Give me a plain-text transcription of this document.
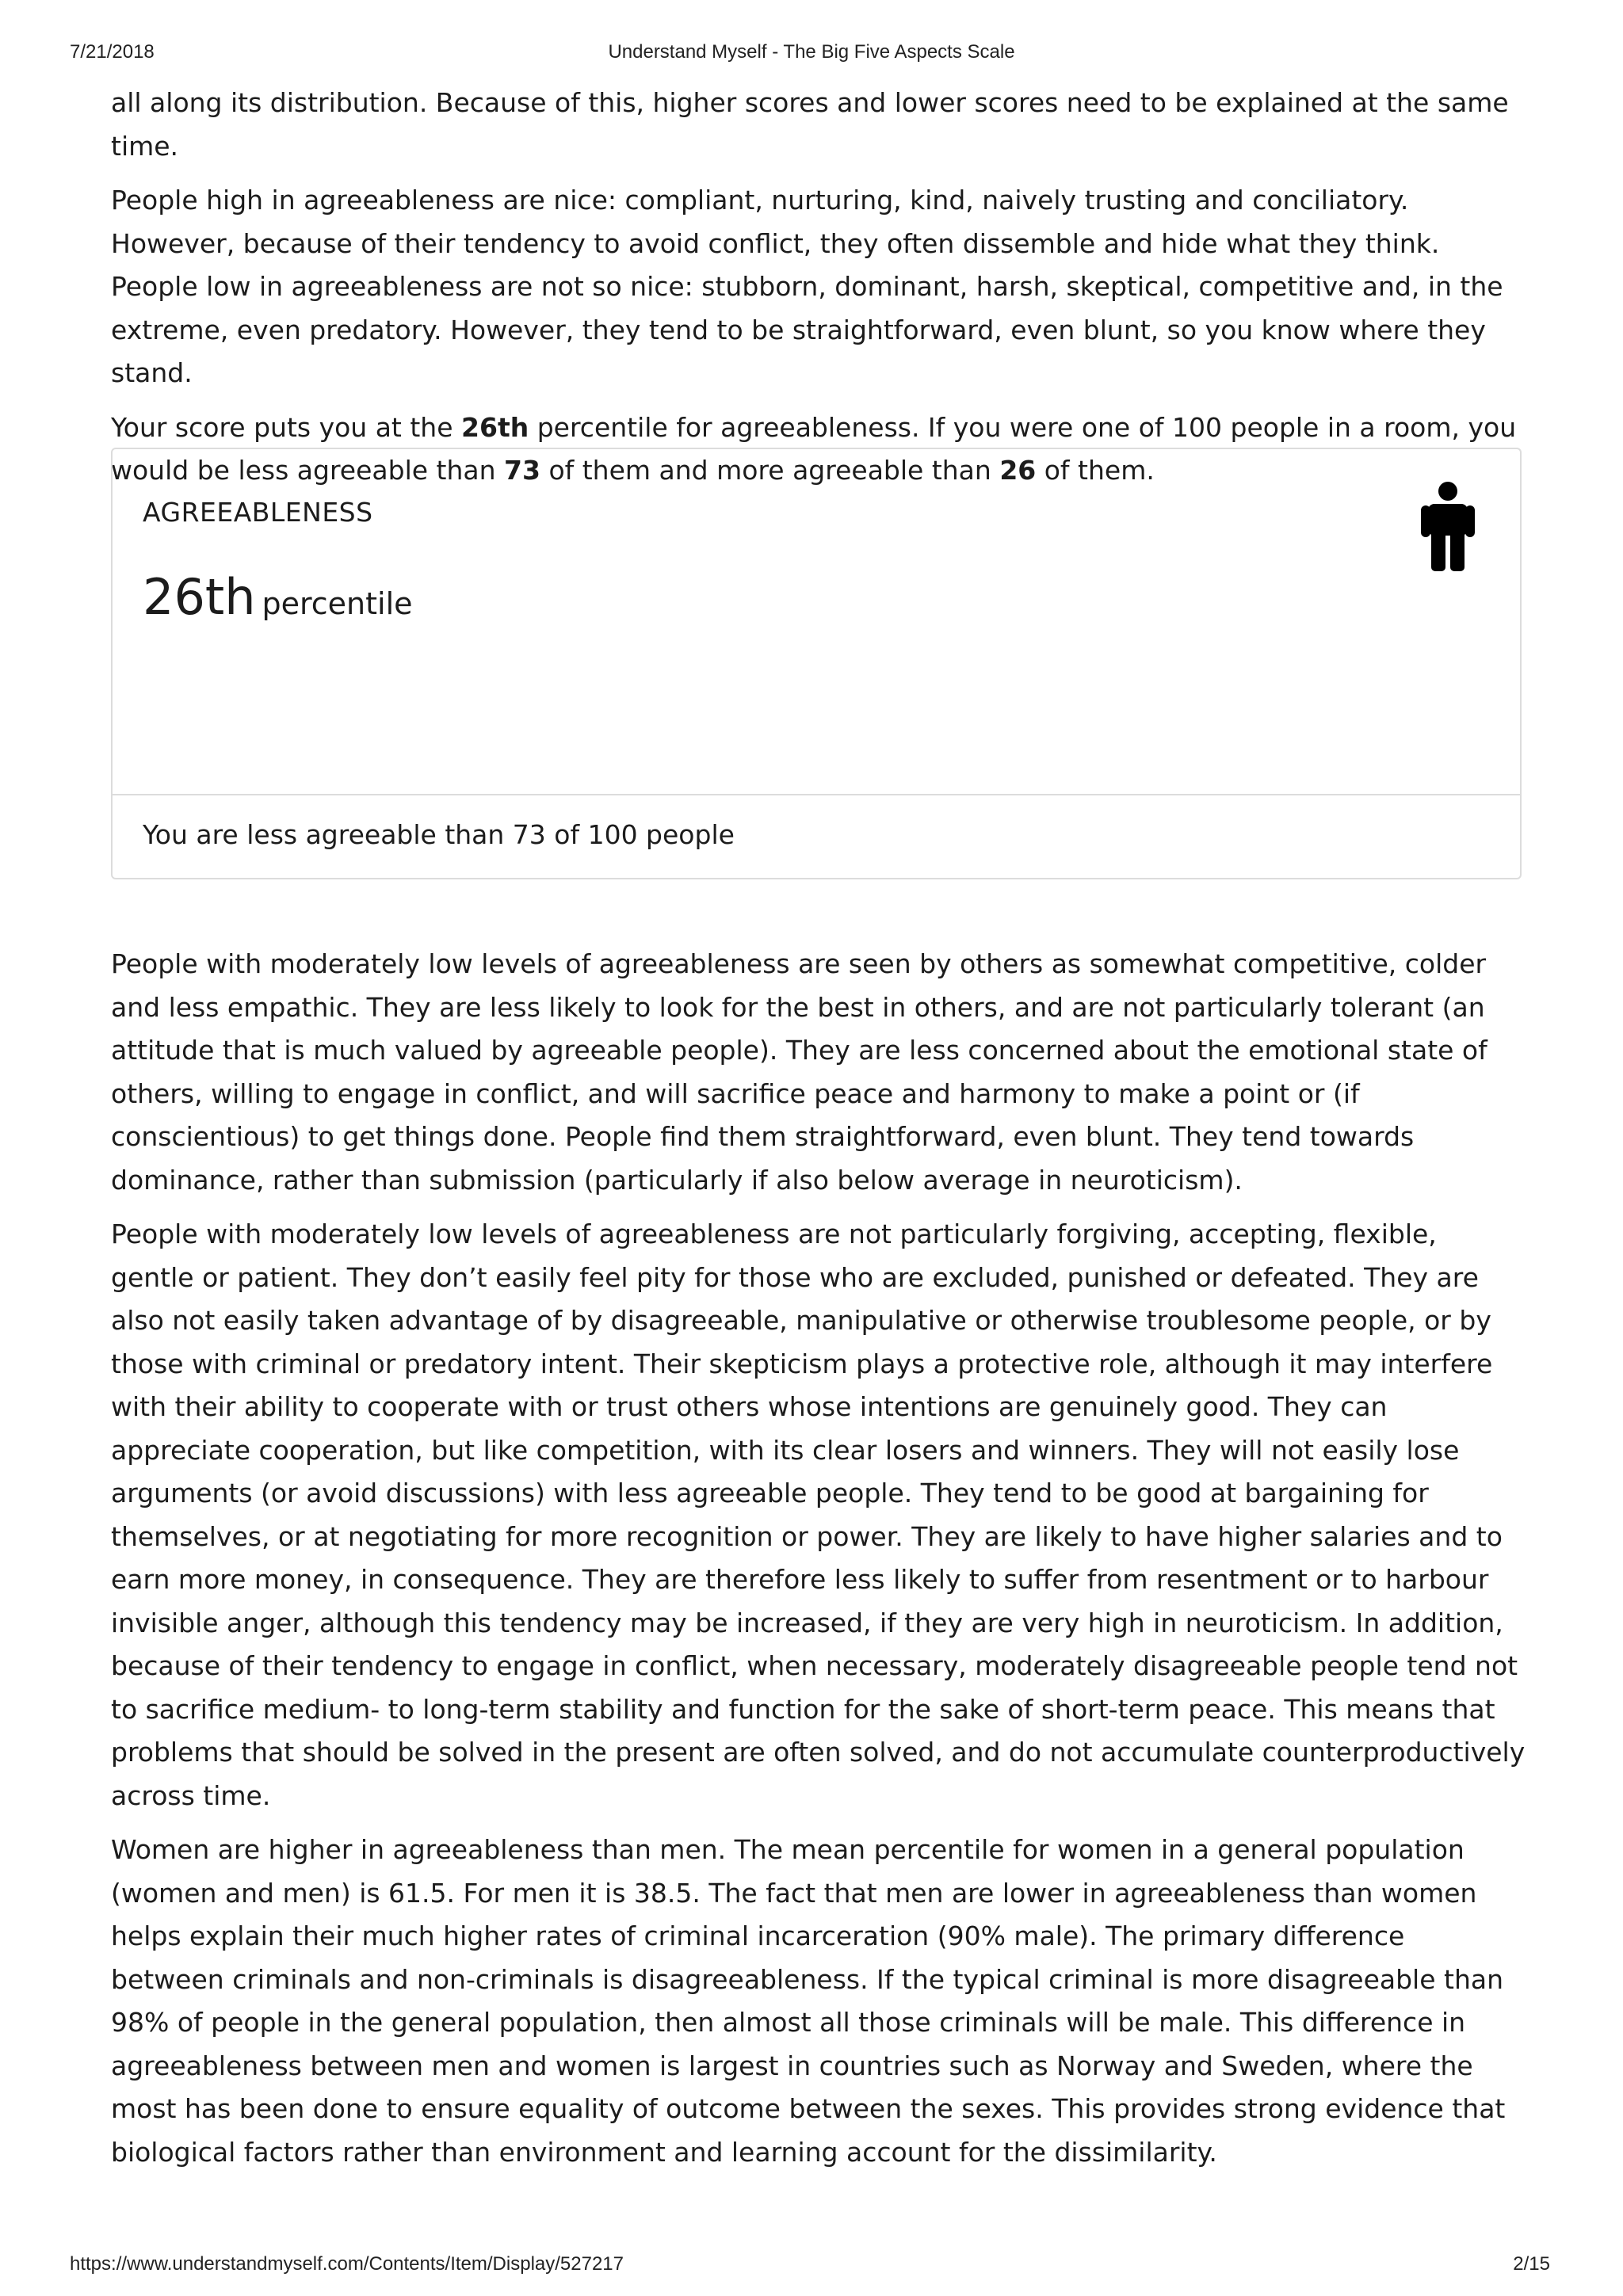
7/21/2018	Understand Myself - The Big Five Aspects Scale

all along its distribution. Because of this, higher scores and lower scores need to be explained at the same time.

People high in agreeableness are nice: compliant, nurturing, kind, naively trusting and conciliatory. However, because of their tendency to avoid conflict, they often dissemble and hide what they think. People low in agreeableness are not so nice: stubborn, dominant, harsh, skeptical, competitive and, in the extreme, even predatory. However, they tend to be straightforward, even blunt, so you know where they stand.

Your score puts you at the 26th percentile for agreeableness. If you were one of 100 people in a room, you would be less agreeable than 73 of them and more agreeable than 26 of them.

AGREEABLENESS
26th percentile
You are less agreeable than 73 of 100 people

People with moderately low levels of agreeableness are seen by others as somewhat competitive, colder and less empathic. They are less likely to look for the best in others, and are not particularly tolerant (an attitude that is much valued by agreeable people). They are less concerned about the emotional state of others, willing to engage in conflict, and will sacrifice peace and harmony to make a point or (if conscientious) to get things done. People find them straightforward, even blunt. They tend towards dominance, rather than submission (particularly if also below average in neuroticism).

People with moderately low levels of agreeableness are not particularly forgiving, accepting, flexible, gentle or patient. They don’t easily feel pity for those who are excluded, punished or defeated. They are also not easily taken advantage of by disagreeable, manipulative or otherwise troublesome people, or by those with criminal or predatory intent. Their skepticism plays a protective role, although it may interfere with their ability to cooperate with or trust others whose intentions are genuinely good. They can appreciate cooperation, but like competition, with its clear losers and winners. They will not easily lose arguments (or avoid discussions) with less agreeable people. They tend to be good at bargaining for themselves, or at negotiating for more recognition or power. They are likely to have higher salaries and to earn more money, in consequence. They are therefore less likely to suffer from resentment or to harbour invisible anger, although this tendency may be increased, if they are very high in neuroticism. In addition, because of their tendency to engage in conflict, when necessary, moderately disagreeable people tend not to sacrifice medium- to long-term stability and function for the sake of short-term peace. This means that problems that should be solved in the present are often solved, and do not accumulate counterproductively across time.

Women are higher in agreeableness than men. The mean percentile for women in a general population (women and men) is 61.5. For men it is 38.5. The fact that men are lower in agreeableness than women helps explain their much higher rates of criminal incarceration (90% male). The primary difference between criminals and non-criminals is disagreeableness. If the typical criminal is more disagreeable than 98% of people in the general population, then almost all those criminals will be male. This difference in agreeableness between men and women is largest in countries such as Norway and Sweden, where the most has been done to ensure equality of outcome between the sexes. This provides strong evidence that biological factors rather than environment and learning account for the dissimilarity.

https://www.understandmyself.com/Contents/Item/Display/527217	2/15
